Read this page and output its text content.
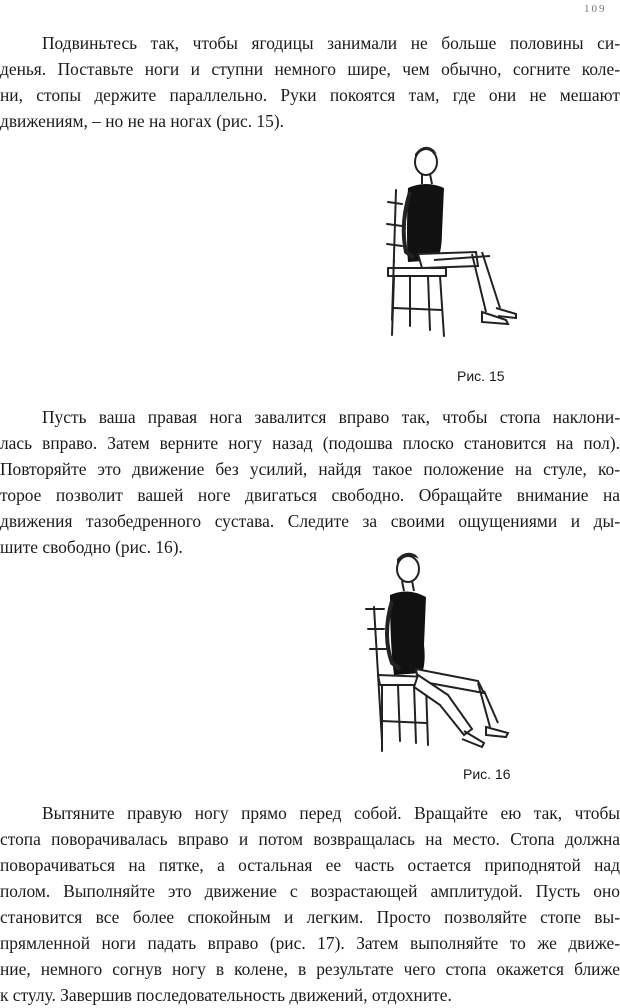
109
Подвиньтесь так, чтобы ягодицы занимали не больше половины си-
денья. Поставьте ноги и ступни немного шире, чем обычно, согните коле-
ни, стопы держите параллельно. Руки покоятся там, где они не мешают
движениям, – но не на ногах (рис. 15).
Рис. 15
Пусть ваша правая нога завалится вправо так, чтобы стопа наклони-
лась вправо. Затем верните ногу назад (подошва плоско становится на пол).
Повторяйте это движение без усилий, найдя такое положение на стуле, ко-
торое позволит вашей ноге двигаться свободно. Обращайте внимание на
движения тазобедренного сустава. Следите за своими ощущениями и ды-
шите свободно (рис. 16).
Рис. 16
Вытяните правую ногу прямо перед собой. Вращайте ею так, чтобы
стопа поворачивалась вправо и потом возвращалась на место. Стопа должна
поворачиваться на пятке, а остальная ее часть остается приподнятой над
полом. Выполняйте это движение с возрастающей амплитудой. Пусть оно
становится все более спокойным и легким. Просто позволяйте стопе вы-
прямленной ноги падать вправо (рис. 17). Затем выполняйте то же движе-
ние, немного согнув ногу в колене, в результате чего стопа окажется ближе
к стулу. Завершив последовательность движений, отдохните.
